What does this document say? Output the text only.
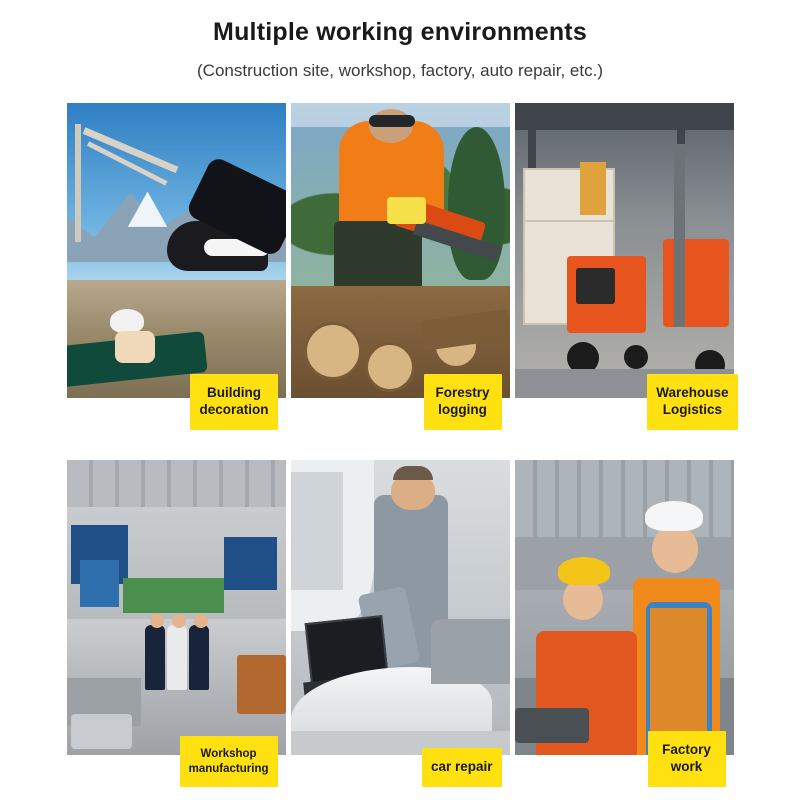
Multiple working environments
(Construction site, workshop, factory, auto repair, etc.)
Building
decoration
Forestry
logging
Warehouse
Logistics
Workshop
manufacturing	car repair
Factory
work
